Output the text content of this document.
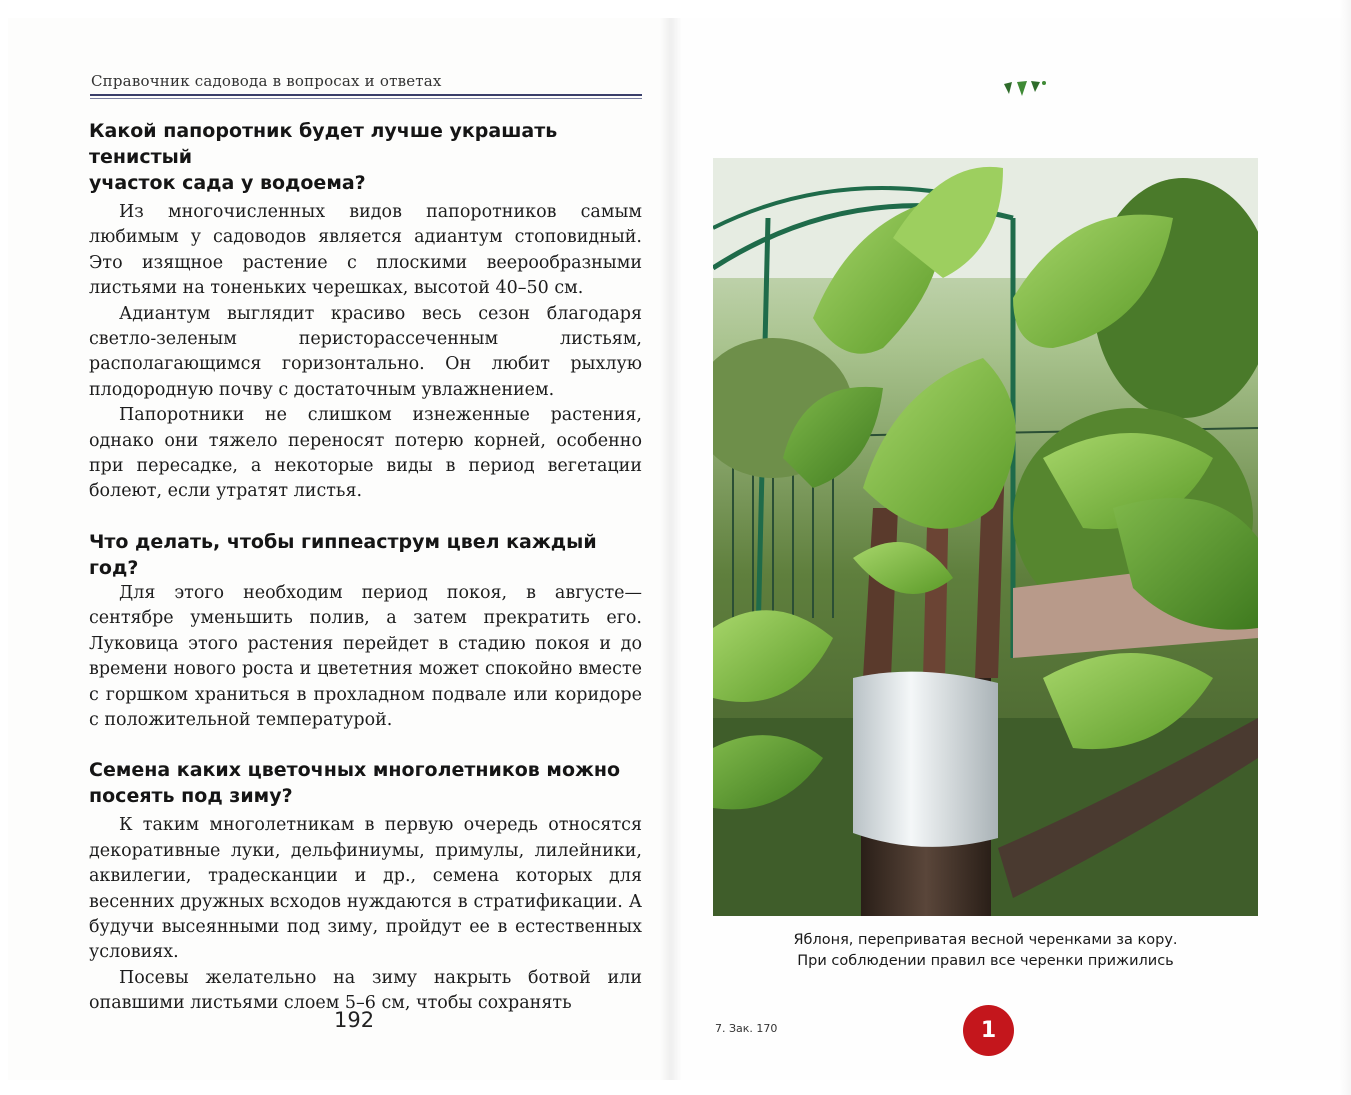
Справочник садовода в вопросах и ответах

Какой папоротник будет лучше украшать тенистый
участок сада у водоема?

Из многочисленных видов папоротников самым любимым у садоводов является адиантум стоповидный. Это изящное растение с плоскими веерообразными листьями на тоненьких черешках, высотой 40–50 см.

Адиантум выглядит красиво весь сезон благодаря светло-зеленым перисторассеченным листьям, располагающимся горизонтально. Он любит рыхлую плодородную почву с достаточным увлажнением.

Папоротники не слишком изнеженные растения, однако они тяжело переносят потерю корней, особенно при пересадке, а некоторые виды в период вегетации болеют, если утратят листья.

Что делать, чтобы гиппеаструм цвел каждый год?

Для этого необходим период покоя, в августе—сентябре уменьшить полив, а затем прекратить его. Луковица этого растения перейдет в стадию покоя и до времени нового роста и цвететния может спокойно вместе с горшком храниться в прохладном подвале или коридоре с положительной температурой.

Семена каких цветочных многолетников можно
посеять под зиму?

К таким многолетникам в первую очередь относятся декоративные луки, дельфиниумы, примулы, лилейники, аквилегии, традесканции и др., семена которых для весенних дружных всходов нуждаются в стратификации. А будучи высеянными под зиму, пройдут ее в естественных условиях.

Посевы желательно на зиму накрыть ботвой или опавшими листьями слоем 5–6 см, чтобы сохранять

192
Яблоня, переприватая весной черенками за кору.
При соблюдении правил все черенки прижились
7. Зак. 170	1
